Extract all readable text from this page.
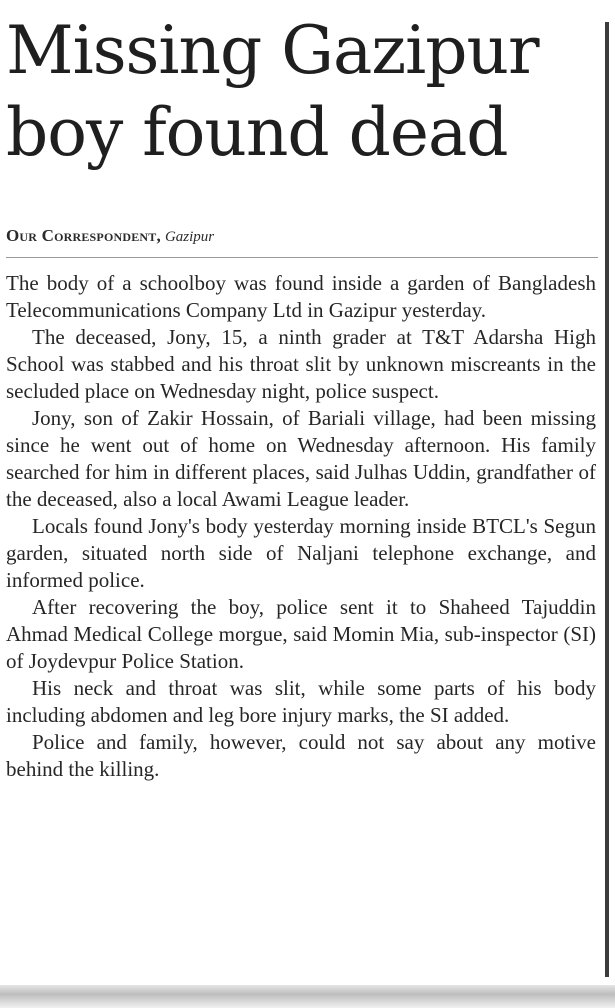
Missing Gazipur boy found dead

Our Correspondent, Gazipur

The body of a schoolboy was found inside a garden of Bangladesh Telecommunications Company Ltd in Gazipur yesterday.

The deceased, Jony, 15, a ninth grader at T&T Adarsha High School was stabbed and his throat slit by unknown miscreants in the secluded place on Wednesday night, police suspect.

Jony, son of Zakir Hossain, of Bariali village, had been missing since he went out of home on Wednesday afternoon. His family searched for him in different places, said Julhas Uddin, grandfather of the deceased, also a local Awami League leader.

Locals found Jony's body yesterday morning inside BTCL's Segun garden, situated north side of Naljani telephone exchange, and informed police.

After recovering the boy, police sent it to Shaheed Tajuddin Ahmad Medical College morgue, said Momin Mia, sub-inspector (SI) of Joydevpur Police Station.

His neck and throat was slit, while some parts of his body including abdomen and leg bore injury marks, the SI added.

Police and family, however, could not say about any motive behind the killing.
